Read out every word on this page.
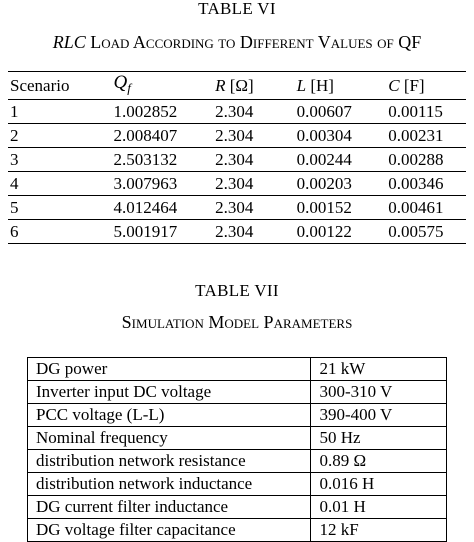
TABLE VI
RLC Load According to Different Values of QF
Scenario	$Q_f$	R [Ω]	L [H]	C [F]
1	1.002852	2.304	0.00607	0.00115
2	2.008407	2.304	0.00304	0.00231
3	2.503132	2.304	0.00244	0.00288
4	3.007963	2.304	0.00203	0.00346
5	4.012464	2.304	0.00152	0.00461
6	5.001917	2.304	0.00122	0.00575
TABLE VII
Simulation Model Parameters
DG power	21 kW
Inverter input DC voltage	300-310 V
PCC voltage (L-L)	390-400 V
Nominal frequency	50 Hz
distribution network resistance	0.89 Ω
distribution network inductance	0.016 H
DG current filter inductance	0.01 H
DG voltage filter capacitance	12 kF
